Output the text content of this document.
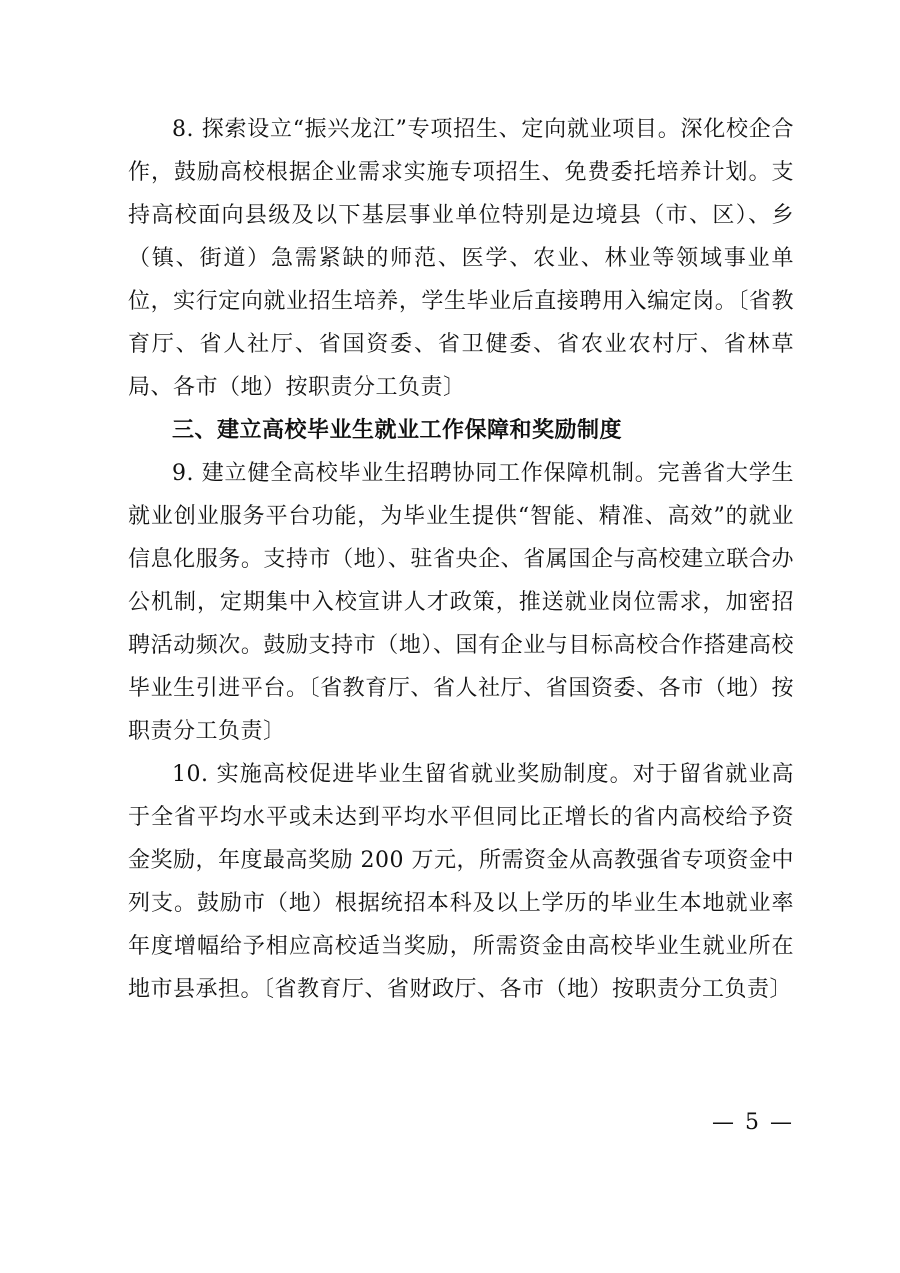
8. 探索设立“振兴龙江”专项招生、定向就业项目。深化校企合作，鼓励高校根据企业需求实施专项招生、免费委托培养计划。支持高校面向县级及以下基层事业单位特别是边境县（市、区）、乡（镇、街道）急需紧缺的师范、医学、农业、林业等领域事业单位，实行定向就业招生培养，学生毕业后直接聘用入编定岗。〔省教育厅、省人社厅、省国资委、省卫健委、省农业农村厅、省林草局、各市（地）按职责分工负责〕

三、建立高校毕业生就业工作保障和奖励制度

9. 建立健全高校毕业生招聘协同工作保障机制。完善省大学生就业创业服务平台功能，为毕业生提供“智能、精准、高效”的就业信息化服务。支持市（地）、驻省央企、省属国企与高校建立联合办公机制，定期集中入校宣讲人才政策，推送就业岗位需求，加密招聘活动频次。鼓励支持市（地）、国有企业与目标高校合作搭建高校毕业生引进平台。〔省教育厅、省人社厅、省国资委、各市（地）按职责分工负责〕

10. 实施高校促进毕业生留省就业奖励制度。对于留省就业高于全省平均水平或未达到平均水平但同比正增长的省内高校给予资金奖励，年度最高奖励 200 万元，所需资金从高教强省专项资金中列支。鼓励市（地）根据统招本科及以上学历的毕业生本地就业率年度增幅给予相应高校适当奖励，所需资金由高校毕业生就业所在地市县承担。〔省教育厅、省财政厅、各市（地）按职责分工负责〕

— 5 —
